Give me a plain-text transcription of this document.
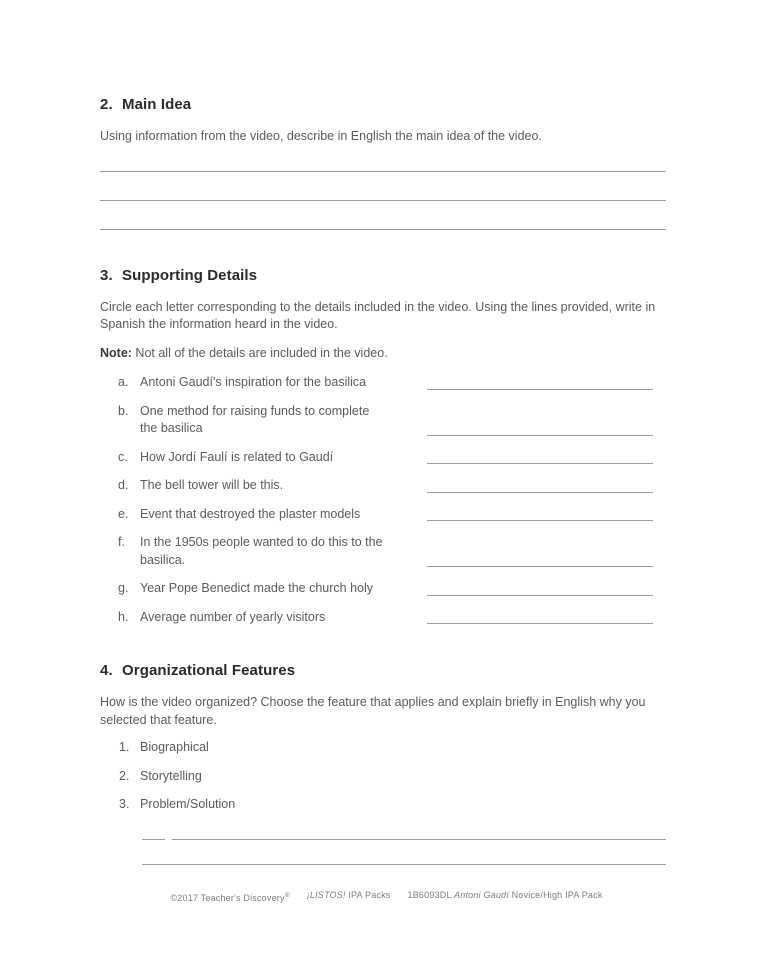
2. Main Idea

Using information from the video, describe in English the main idea of the video.

3. Supporting Details

Circle each letter corresponding to the details included in the video. Using the lines provided, write in Spanish the information heard in the video.

Note: Not all of the details are included in the video.

a. Antoni Gaudí's inspiration for the basilica
b. One method for raising funds to complete the basilica
c. How Jordí Faulí is related to Gaudí
d. The bell tower will be this.
e. Event that destroyed the plaster models
f.	In the 1950s people wanted to do this to the basilica.
g. Year Pope Benedict made the church holy
h. Average number of yearly visitors
4. Organizational Features

How is the video organized? Choose the feature that applies and explain briefly in English why you selected that feature.

1. Biographical
2. Storytelling
3. Problem/Solution
©2017 Teacher's Discovery® ¡LISTOS! IPA Packs 1B6093DL Antoni Gaudí Novice/High IPA Pack
